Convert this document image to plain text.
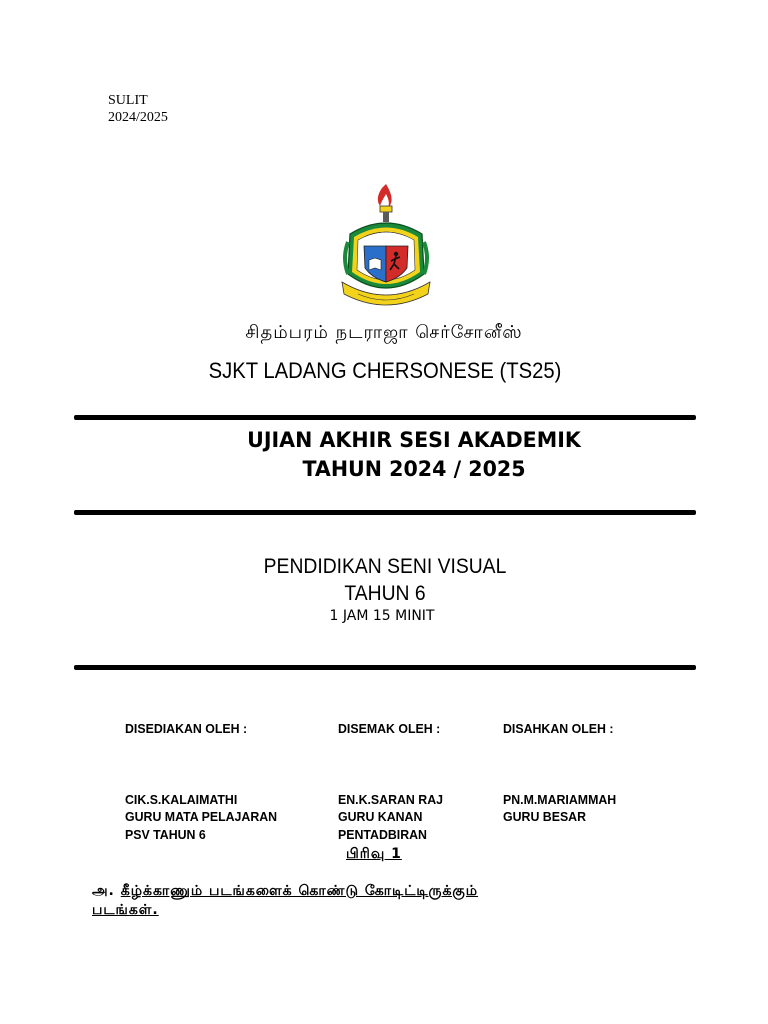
SULIT
2024/2025
சிதம்பரம் நடராஜா செர்சோனீஸ்
SJKT LADANG CHERSONESE (TS25)
UJIAN AKHIR SESI AKADEMIK
TAHUN 2024 / 2025
PENDIDIKAN SENI VISUAL
TAHUN 6
1 JAM 15 MINIT
DISEDIAKAN OLEH :
CIK.S.KALAIMATHI
GURU MATA PELAJARAN
PSV TAHUN 6
DISEMAK OLEH :
EN.K.SARAN RAJ
GURU KANAN
PENTADBIRAN
DISAHKAN OLEH :
PN.M.MARIAMMAH
GURU BESAR
பிரிவு 1
அ. கீழ்க்காணும் படங்களைக் கொண்டு கோடிட்டிருக்கும்
படங்கள்.
